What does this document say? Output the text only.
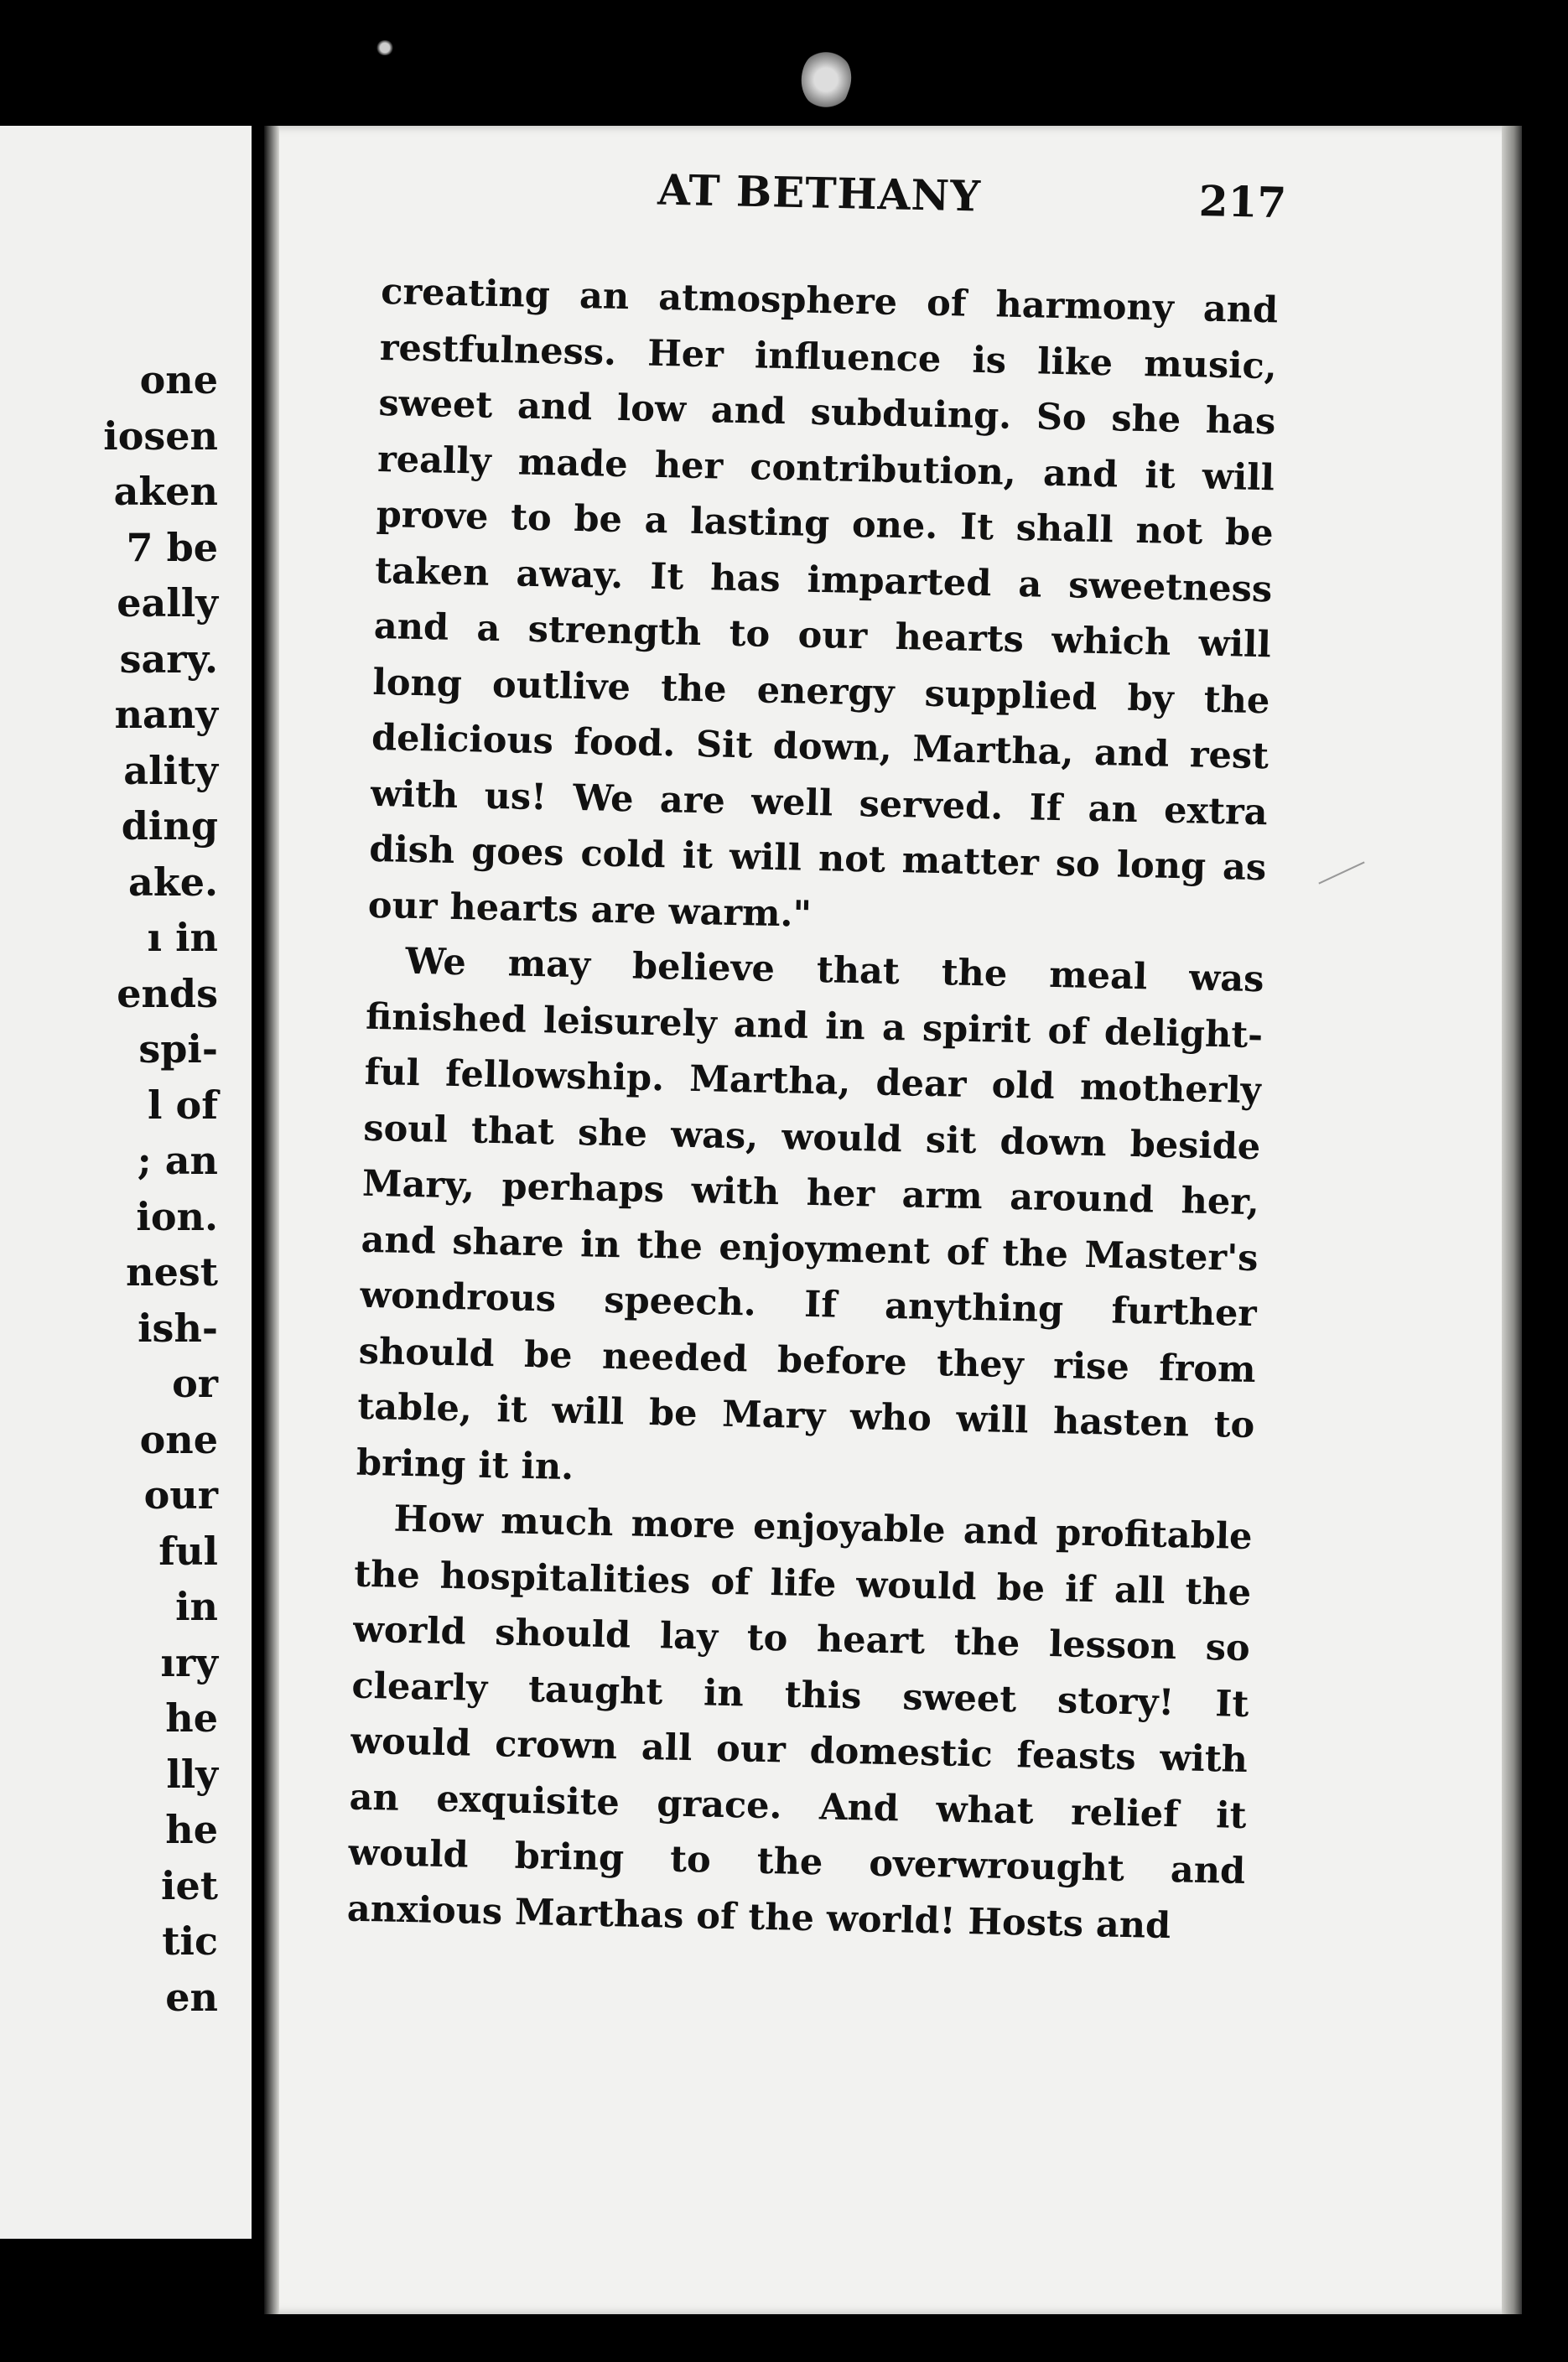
one
iosen
aken
7 be
eally
sary.
nany
ality
ding
ake.
ı in
ends
spi-
l of
; an
ion.
nest
ish-
or
one
our
ful
in
ıry
he
lly
he
iet
tic
en
AT BETHANY	217
creating an atmosphere of harmony and
restfulness. Her influence is like music,
sweet and low and subduing. So she has
really made her contribution, and it will
prove to be a lasting one. It shall not be
taken away. It has imparted a sweetness
and a strength to our hearts which will
long outlive the energy supplied by the
delicious food. Sit down, Martha, and rest
with us! We are well served. If an extra
dish goes cold it will not matter so long as
our hearts are warm."
We may believe that the meal was
finished leisurely and in a spirit of delight-
ful fellowship. Martha, dear old motherly
soul that she was, would sit down beside
Mary, perhaps with her arm around her,
and share in the enjoyment of the Master's
wondrous speech. If anything further
should be needed before they rise from
table, it will be Mary who will hasten to
bring it in.
How much more enjoyable and profitable
the hospitalities of life would be if all the
world should lay to heart the lesson so
clearly taught in this sweet story! It
would crown all our domestic feasts with
an exquisite grace. And what relief it
would bring to the overwrought and
anxious Marthas of the world! Hosts and
